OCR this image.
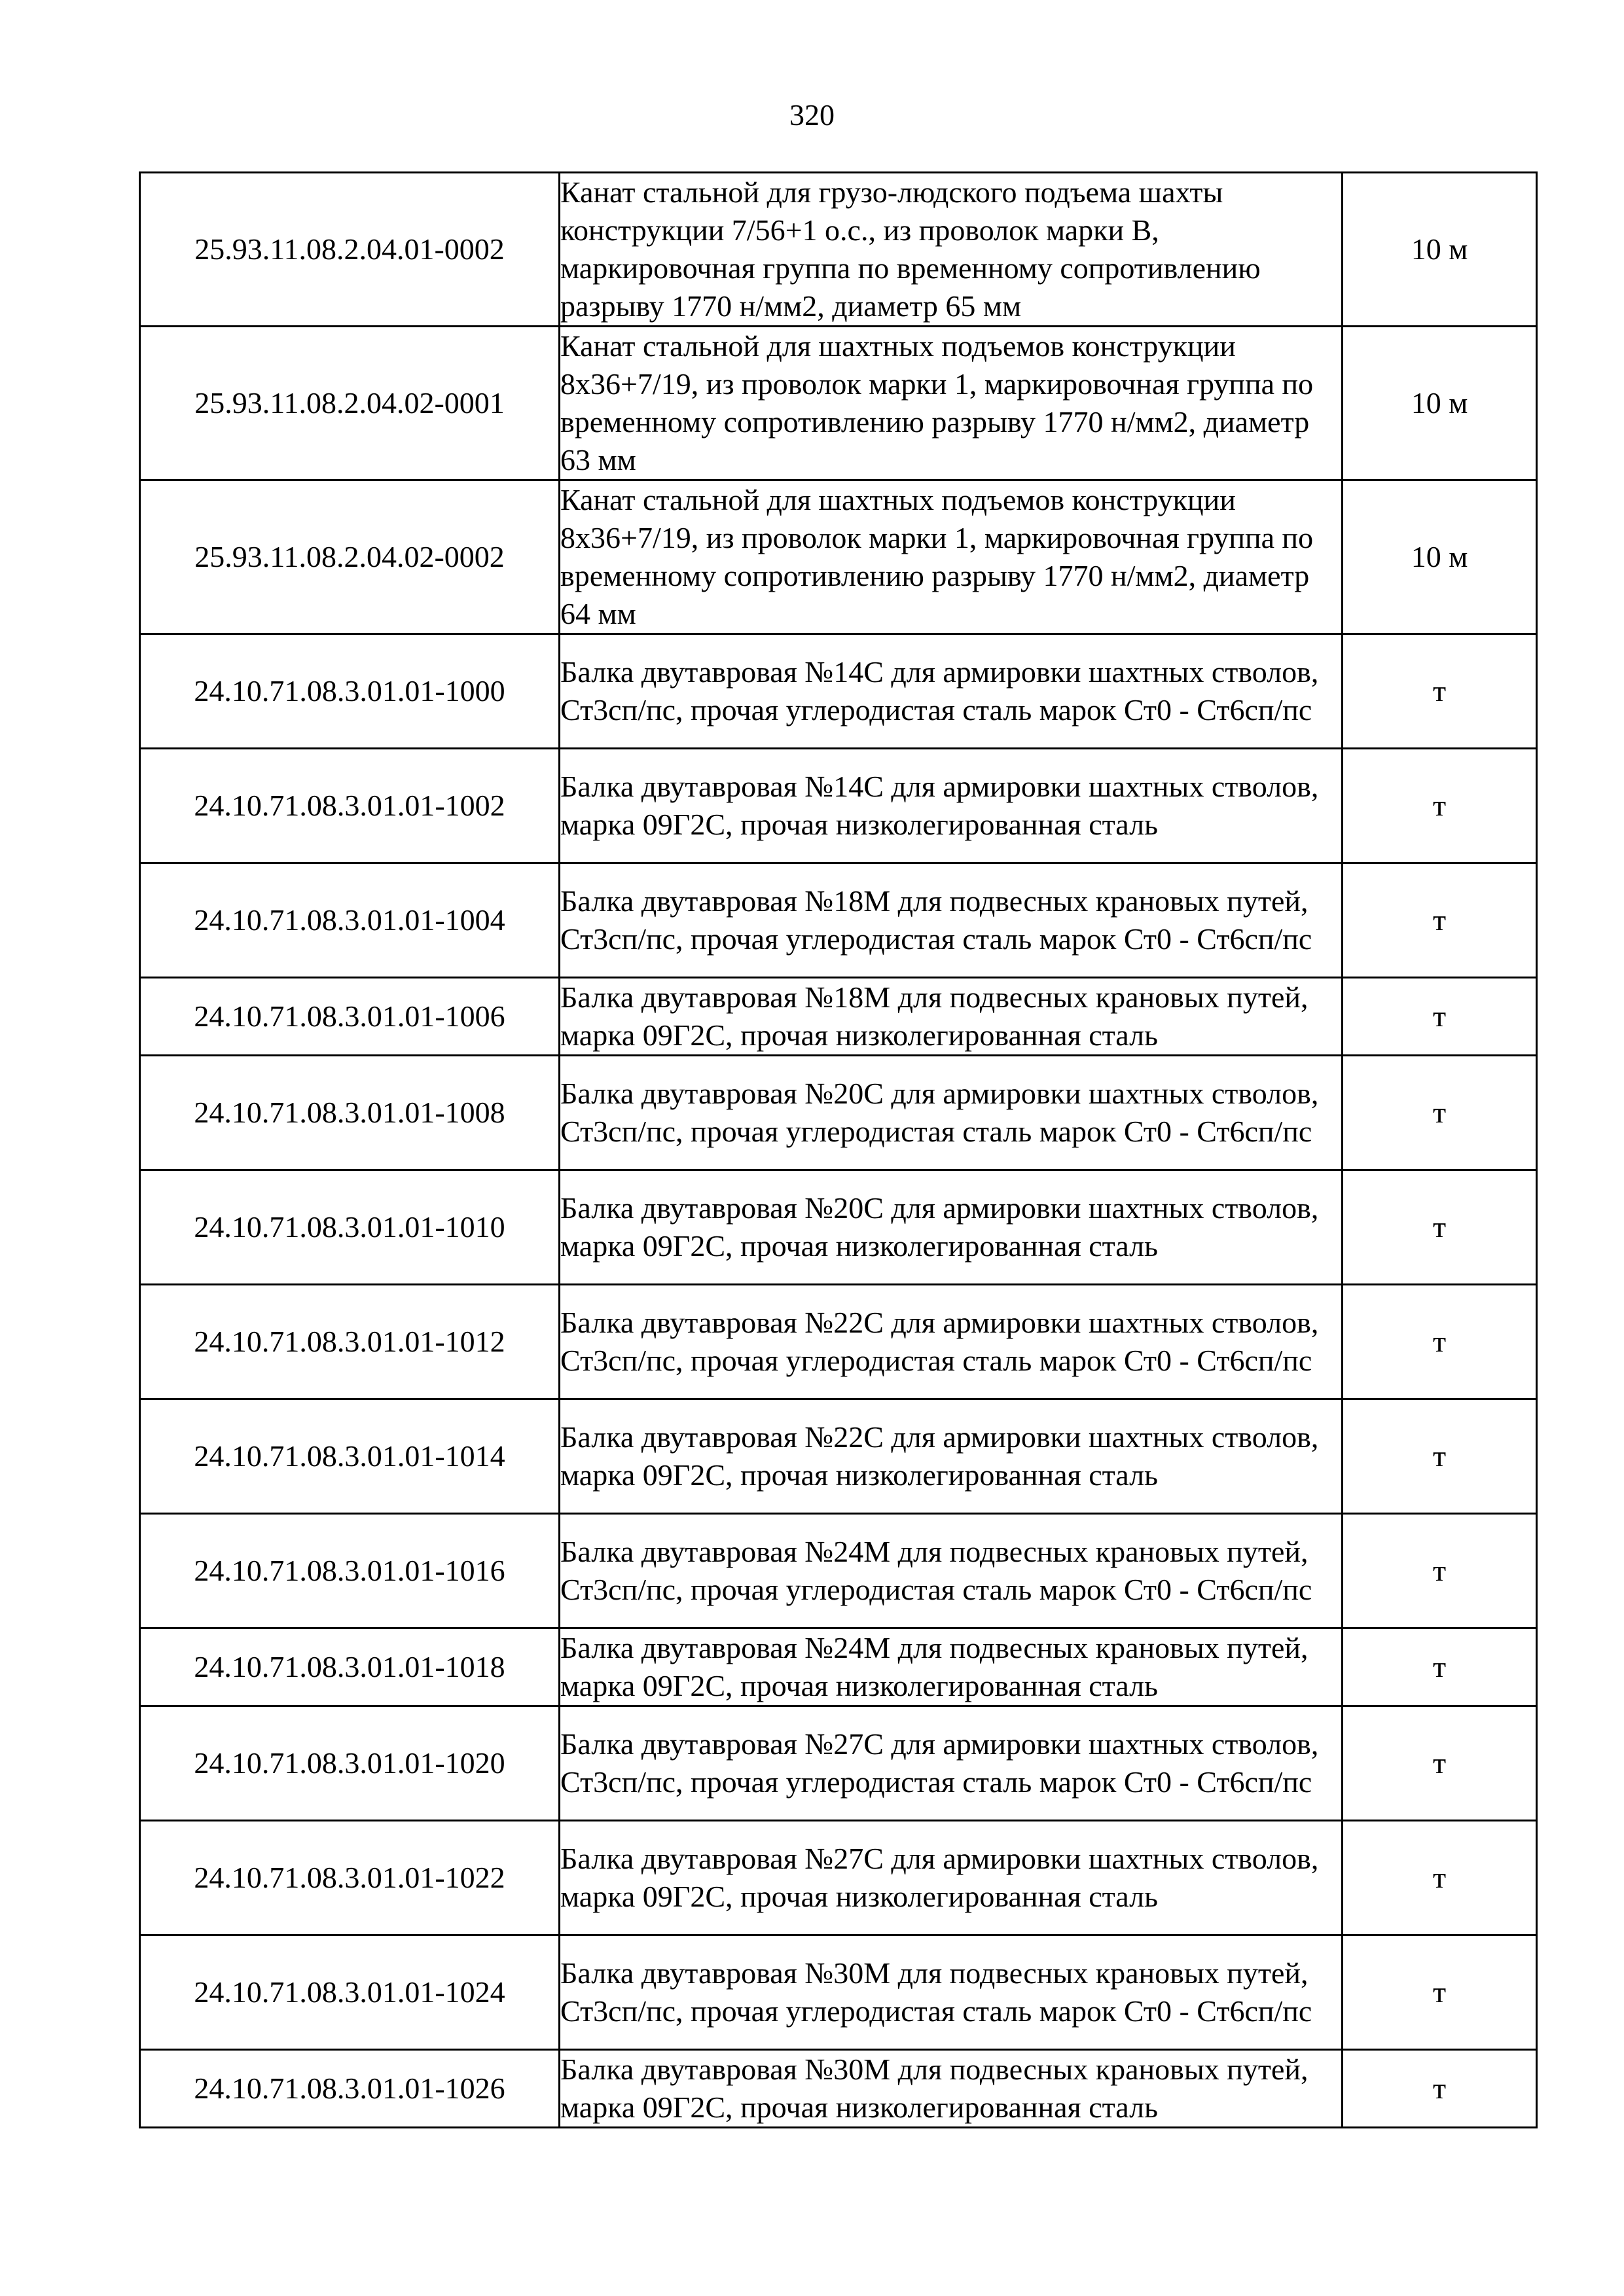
320
25.93.11.08.2.04.01-0002	Канат стальной для грузо-людского подъема шахты конструкции 7/56+1 о.с., из проволок марки В, маркировочная группа по временному сопротивлению разрыву 1770 н/мм2, диаметр 65 мм	10 м
25.93.11.08.2.04.02-0001	Канат стальной для шахтных подъемов конструкции 8х36+7/19, из проволок марки 1, маркировочная группа по временному сопротивлению разрыву 1770 н/мм2, диаметр 63 мм	10 м
25.93.11.08.2.04.02-0002	Канат стальной для шахтных подъемов конструкции 8х36+7/19, из проволок марки 1, маркировочная группа по временному сопротивлению разрыву 1770 н/мм2, диаметр 64 мм	10 м
24.10.71.08.3.01.01-1000	Балка двутавровая №14С для армировки шахтных стволов, Ст3сп/пс, прочая углеродистая сталь марок Ст0 - Ст6сп/пс	т
24.10.71.08.3.01.01-1002	Балка двутавровая №14С для армировки шахтных стволов, марка 09Г2С, прочая низколегированная сталь	т
24.10.71.08.3.01.01-1004	Балка двутавровая №18М для подвесных крановых путей, Ст3сп/пс, прочая углеродистая сталь марок Ст0 - Ст6сп/пс	т
24.10.71.08.3.01.01-1006	Балка двутавровая №18М для подвесных крановых путей, марка 09Г2С, прочая низколегированная сталь	т
24.10.71.08.3.01.01-1008	Балка двутавровая №20С для армировки шахтных стволов, Ст3сп/пс, прочая углеродистая сталь марок Ст0 - Ст6сп/пс	т
24.10.71.08.3.01.01-1010	Балка двутавровая №20С для армировки шахтных стволов, марка 09Г2С, прочая низколегированная сталь	т
24.10.71.08.3.01.01-1012	Балка двутавровая №22С для армировки шахтных стволов, Ст3сп/пс, прочая углеродистая сталь марок Ст0 - Ст6сп/пс	т
24.10.71.08.3.01.01-1014	Балка двутавровая №22С для армировки шахтных стволов, марка 09Г2С, прочая низколегированная сталь	т
24.10.71.08.3.01.01-1016	Балка двутавровая №24М для подвесных крановых путей, Ст3сп/пс, прочая углеродистая сталь марок Ст0 - Ст6сп/пс	т
24.10.71.08.3.01.01-1018	Балка двутавровая №24М для подвесных крановых путей, марка 09Г2С, прочая низколегированная сталь	т
24.10.71.08.3.01.01-1020	Балка двутавровая №27С для армировки шахтных стволов, Ст3сп/пс, прочая углеродистая сталь марок Ст0 - Ст6сп/пс	т
24.10.71.08.3.01.01-1022	Балка двутавровая №27С для армировки шахтных стволов, марка 09Г2С, прочая низколегированная сталь	т
24.10.71.08.3.01.01-1024	Балка двутавровая №30М для подвесных крановых путей, Ст3сп/пс, прочая углеродистая сталь марок Ст0 - Ст6сп/пс	т
24.10.71.08.3.01.01-1026	Балка двутавровая №30М для подвесных крановых путей, марка 09Г2С, прочая низколегированная сталь	т
